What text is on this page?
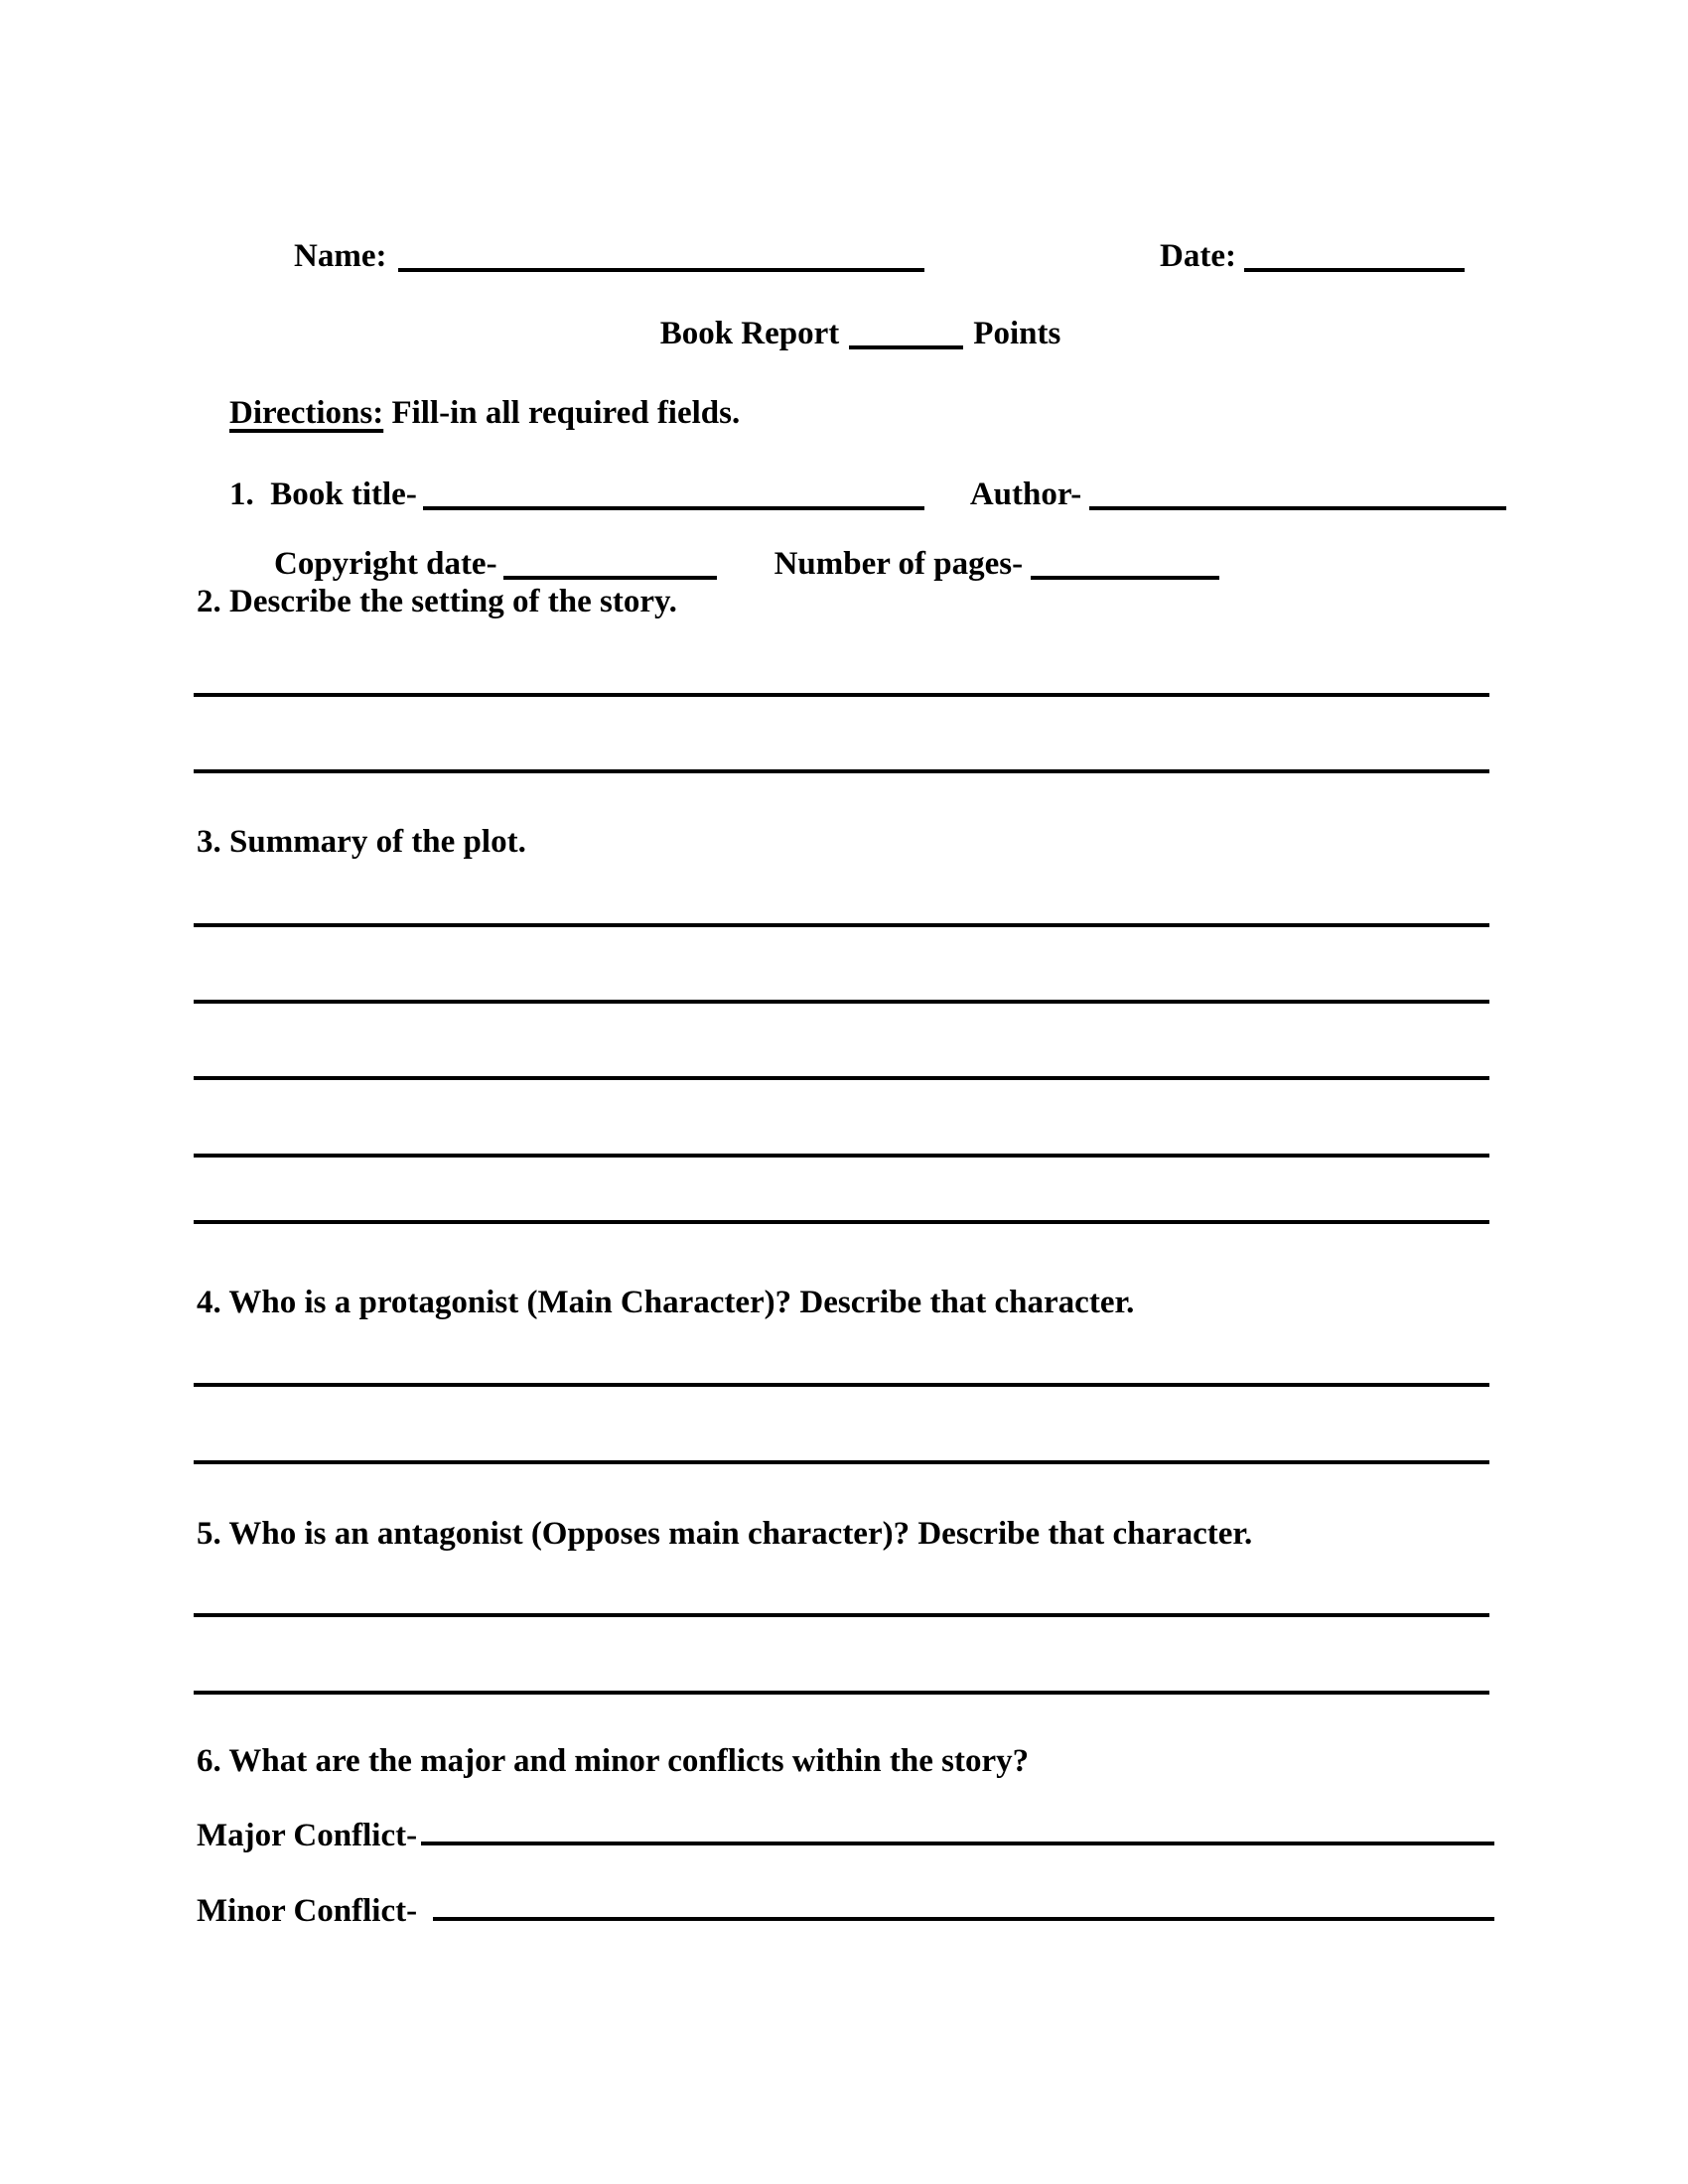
Name:
	Date:

Book Report	Points

Directions: Fill-in all required fields.

1.  Book title-	Author-

Copyright date-	Number of pages-

2. Describe the setting of the story.
3. Summary of the plot.
4. Who is a protagonist (Main Character)? Describe that character.
5. Who is an antagonist (Opposes main character)? Describe that character.
6. What are the major and minor conflicts within the story?
Major Conflict-
Minor Conflict-
